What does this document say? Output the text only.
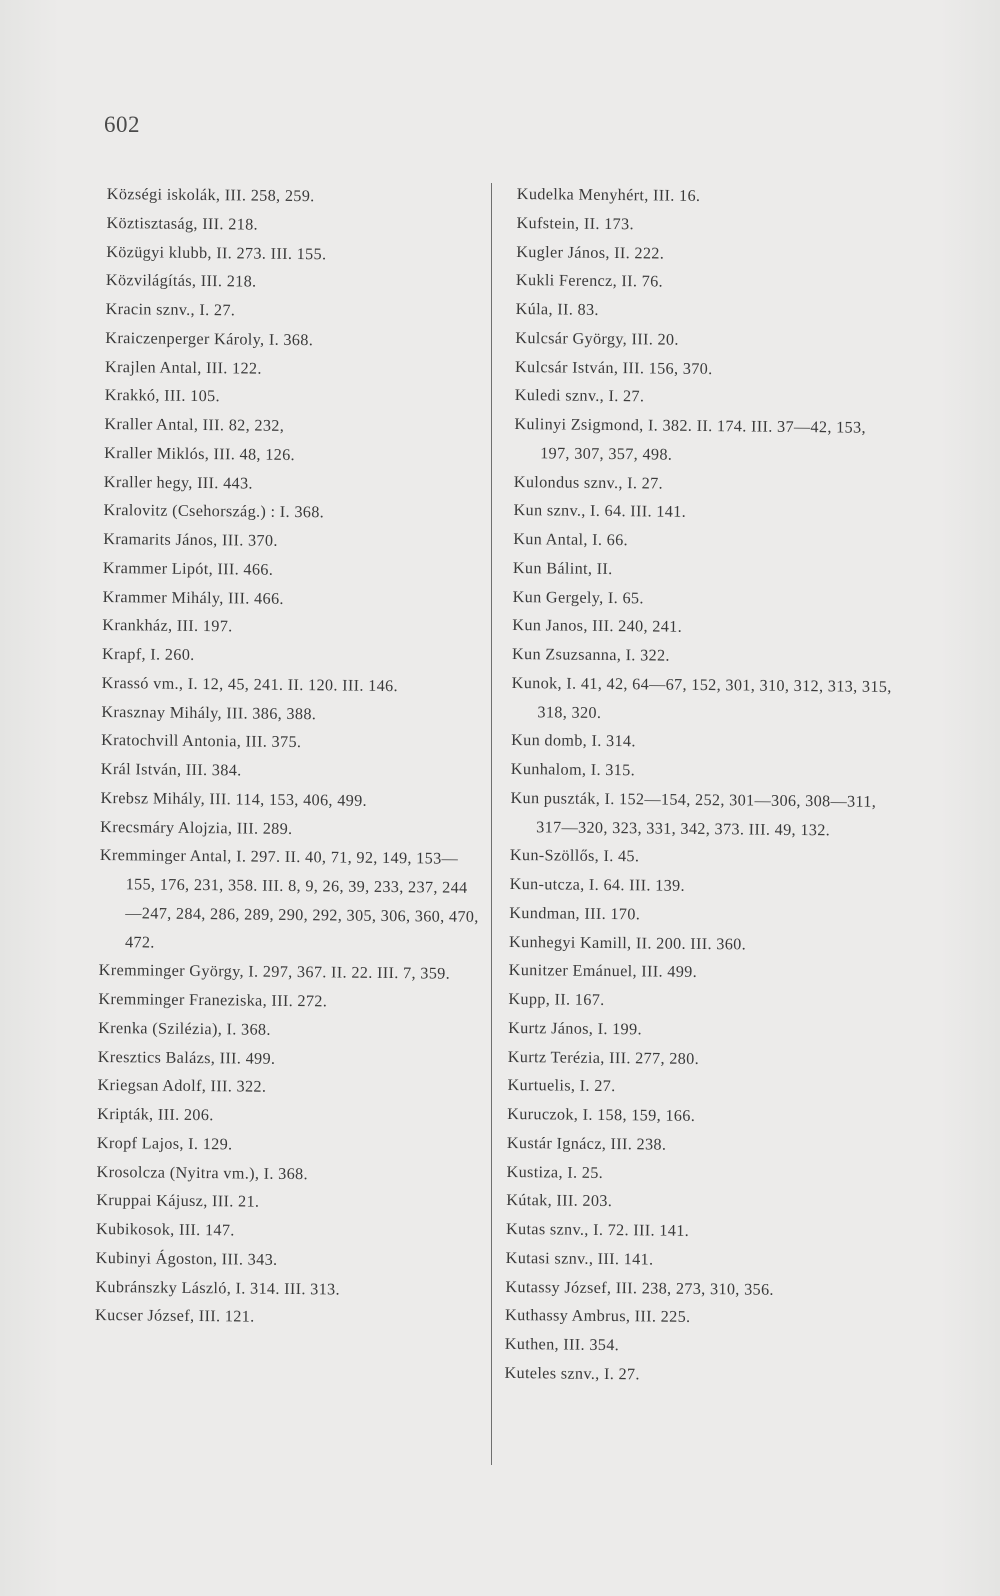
602

Községi iskolák, III. 258, 259.

Köztisztaság, III. 218.

Közügyi klubb, II. 273. III. 155.

Közvilágítás, III. 218.

Kracin sznv., I. 27.

Kraiczenperger Károly, I. 368.

Krajlen Antal, III. 122.

Krakkó, III. 105.

Kraller Antal, III. 82, 232,

Kraller Miklós, III. 48, 126.

Kraller hegy, III. 443.

Kralovitz (Csehország.) : I. 368.

Kramarits János, III. 370.

Krammer Lipót, III. 466.

Krammer Mihály, III. 466.

Krankház, III. 197.

Krapf, I. 260.

Krassó vm., I. 12, 45, 241. II. 120. III. 146.

Krasznay Mihály, III. 386, 388.

Kratochvill Antonia, III. 375.

Král István, III. 384.

Krebsz Mihály, III. 114, 153, 406, 499.

Krecsmáry Alojzia, III. 289.

Kremminger Antal, I. 297. II. 40, 71, 92, 149, 153—155, 176, 231, 358. III. 8, 9, 26, 39, 233, 237, 244—247, 284, 286, 289, 290, 292, 305, 306, 360, 470, 472.

Kremminger György, I. 297, 367. II. 22. III. 7, 359.

Kremminger Franeziska, III. 272.

Krenka (Szilézia), I. 368.

Kresztics Balázs, III. 499.

Kriegsan Adolf, III. 322.

Kripták, III. 206.

Kropf Lajos, I. 129.

Krosolcza (Nyitra vm.), I. 368.

Kruppai Kájusz, III. 21.

Kubikosok, III. 147.

Kubinyi Ágoston, III. 343.

Kubránszky László, I. 314. III. 313.

Kucser József, III. 121.

Kudelka Menyhért, III. 16.

Kufstein, II. 173.

Kugler János, II. 222.

Kukli Ferencz, II. 76.

Kúla, II. 83.

Kulcsár György, III. 20.

Kulcsár István, III. 156, 370.

Kuledi sznv., I. 27.

Kulinyi Zsigmond, I. 382. II. 174. III. 37—42, 153, 197, 307, 357, 498.

Kulondus sznv., I. 27.

Kun sznv., I. 64. III. 141.

Kun Antal, I. 66.

Kun Bálint, II.

Kun Gergely, I. 65.

Kun Janos, III. 240, 241.

Kun Zsuzsanna, I. 322.

Kunok, I. 41, 42, 64—67, 152, 301, 310, 312, 313, 315, 318, 320.

Kun domb, I. 314.

Kunhalom, I. 315.

Kun puszták, I. 152—154, 252, 301—306, 308—311, 317—320, 323, 331, 342, 373. III. 49, 132.

Kun-Szöllős, I. 45.

Kun-utcza, I. 64. III. 139.

Kundman, III. 170.

Kunhegyi Kamill, II. 200. III. 360.

Kunitzer Emánuel, III. 499.

Kupp, II. 167.

Kurtz János, I. 199.

Kurtz Terézia, III. 277, 280.

Kurtuelis, I. 27.

Kuruczok, I. 158, 159, 166.

Kustár Ignácz, III. 238.

Kustiza, I. 25.

Kútak, III. 203.

Kutas sznv., I. 72. III. 141.

Kutasi sznv., III. 141.

Kutassy József, III. 238, 273, 310, 356.

Kuthassy Ambrus, III. 225.

Kuthen, III. 354.

Kuteles sznv., I. 27.
